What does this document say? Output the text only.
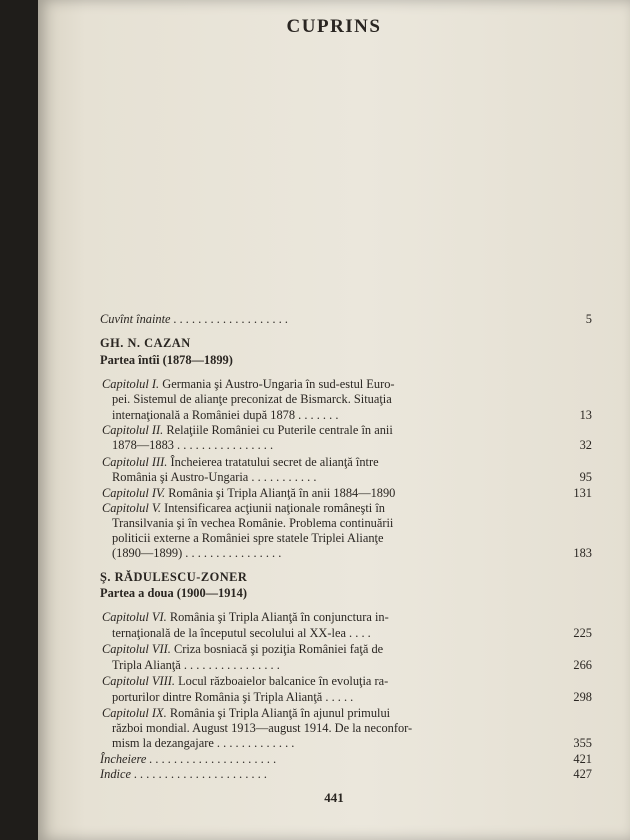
CUPRINS
Cuvînt înainte . . . . . . . . . . . . . . . . . . .	5
GH. N. CAZAN
Partea întîi (1878—1899)
Capitolul I. Germania şi Austro-Ungaria în sud-estul Euro-
pei. Sistemul de alianţe preconizat de Bismarck. Situaţia
internaţională a României după 1878 . . . . . . .	13
Capitolul II. Relaţiile României cu Puterile centrale în anii
1878—1883 . . . . . . . . . . . . . . . .	32
Capitolul III. Încheierea tratatului secret de alianţă între
România şi Austro-Ungaria . . . . . . . . . . .	95
Capitolul IV. România şi Tripla Alianţă în anii 1884—1890	131
Capitolul V. Intensificarea acţiunii naţionale româneşti în
Transilvania şi în vechea Românie. Problema continuării
politicii externe a României spre statele Triplei Alianţe
(1890—1899) . . . . . . . . . . . . . . . .	183
Ş. RĂDULESCU-ZONER
Partea a doua (1900—1914)
Capitolul VI. România şi Tripla Alianţă în conjunctura in-
ternaţională de la începutul secolului al XX-lea . . . .	225
Capitolul VII. Criza bosniacă şi poziţia României faţă de
Tripla Alianţă . . . . . . . . . . . . . . . .	266
Capitolul VIII. Locul războaielor balcanice în evoluţia ra-
porturilor dintre România şi Tripla Alianţă . . . . .	298
Capitolul IX. România şi Tripla Alianţă în ajunul primului
război mondial. August 1913—august 1914. De la neconfor-
mism la dezangajare . . . . . . . . . . . . .	355
Încheiere . . . . . . . . . . . . . . . . . . . . .	421
Indice . . . . . . . . . . . . . . . . . . . . . .	427
441
